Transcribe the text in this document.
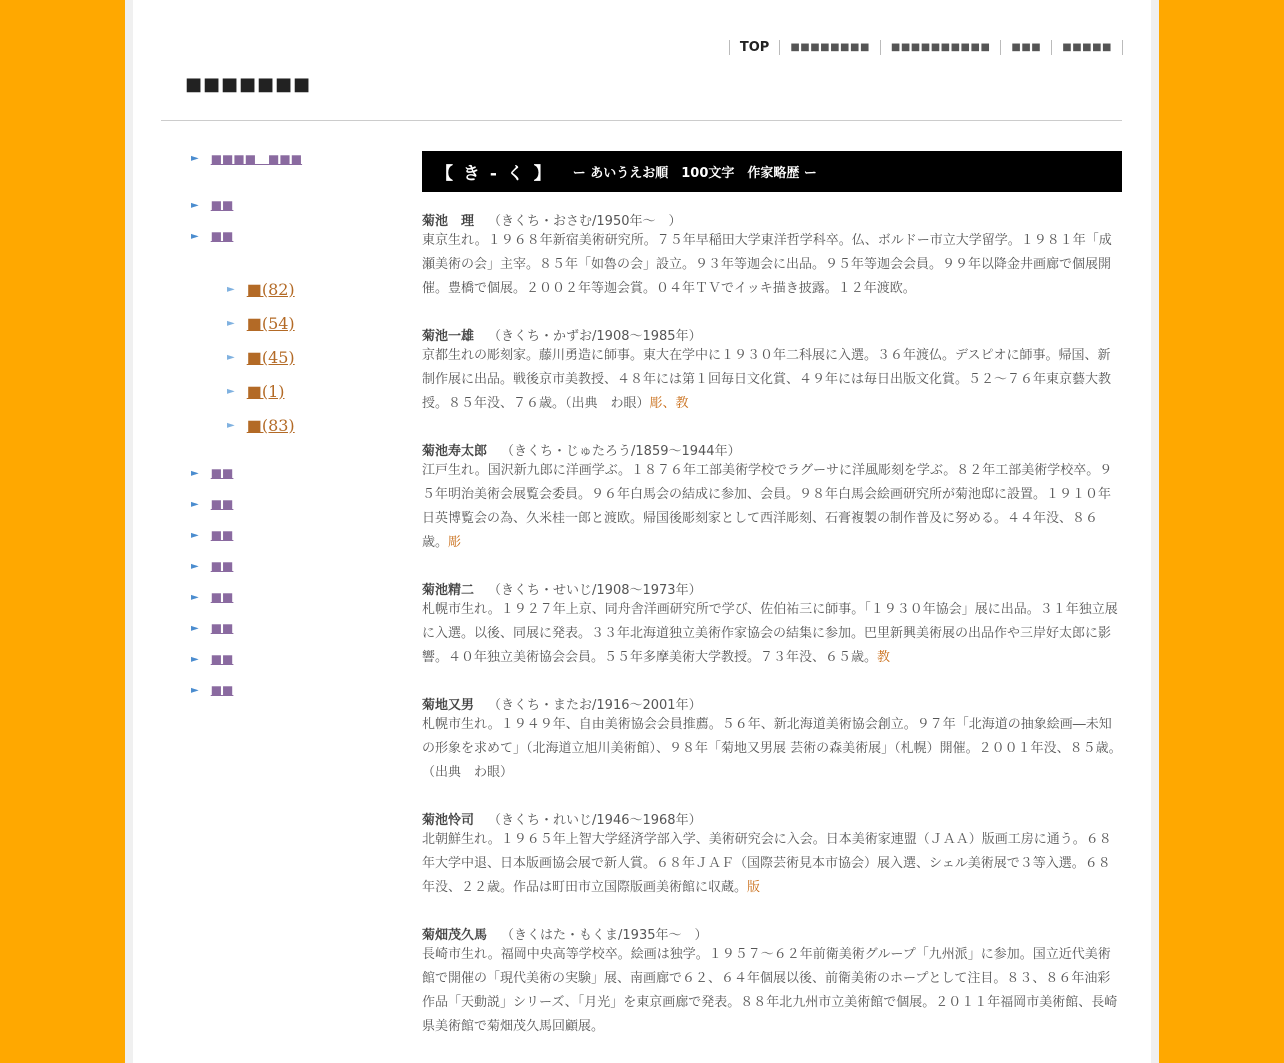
TOP	■■■■■■■■	■■■■■■■■■■	■■■	■■■■■
■■■■■■■
► ■■■■　■■■
► ■■
► ■■
► ■(82)
► ■(54)
► ■(45)
► ■(1)
► ■(83)
► ■■
► ■■
► ■■
► ■■
► ■■
► ■■
► ■■
► ■■
【 き - く 】 ー あいうえお順　100文字　作家略歴 ー
菊池　理 （きくち・おさむ/1950年～　）
東京生れ。１９６８年新宿美術研究所。７５年早稲田大学東洋哲学科卒。仏、ボルドー市立大学留学。１９８１年「成瀬美術の会」主宰。８５年「如魯の会」設立。９３年等迦会に出品。９５年等迦会会員。９９年以降金井画廊で個展開催。豊橋で個展。２００２年等迦会賞。０４年ＴＶでイッキ描き披露。１２年渡欧。
菊池一雄 （きくち・かずお/1908～1985年）
京都生れの彫刻家。藤川勇造に師事。東大在学中に１９３０年二科展に入選。３６年渡仏。デスピオに師事。帰国、新制作展に出品。戦後京市美教授、４８年には第１回毎日文化賞、４９年には毎日出版文化賞。５２～７６年東京藝大教授。８５年没、７６歳。（出典　わ眼）彫、教
菊池寿太郎 （きくち・じゅたろう/1859～1944年）
江戸生れ。国沢新九郎に洋画学ぶ。１８７６年工部美術学校でラグーサに洋風彫刻を学ぶ。８２年工部美術学校卒。９５年明治美術会展覧会委員。９６年白馬会の結成に参加、会員。９８年白馬会絵画研究所が菊池邸に設置。１９１０年日英博覧会の為、久米桂一郎と渡欧。帰国後彫刻家として西洋彫刻、石膏複製の制作普及に努める。４４年没、８６歳。彫
菊池精二 （きくち・せいじ/1908～1973年）
札幌市生れ。１９２７年上京、同舟舎洋画研究所で学び、佐伯祐三に師事。「１９３０年協会」展に出品。３１年独立展に入選。以後、同展に発表。３３年北海道独立美術作家協会の結集に参加。巴里新興美術展の出品作や三岸好太郎に影響。４０年独立美術協会会員。５５年多摩美術大学教授。７３年没、６５歳。教
菊地又男 （きくち・またお/1916～2001年）
札幌市生れ。１９４９年、自由美術協会会員推薦。５６年、新北海道美術協会創立。９７年「北海道の抽象絵画―未知の形象を求めて」（北海道立旭川美術館）、９８年「菊地又男展 芸術の森美術展」（札幌）開催。２００１年没、８５歳。（出典　わ眼）
菊池怜司 （きくち・れいじ/1946～1968年）
北朝鮮生れ。１９６５年上智大学経済学部入学、美術研究会に入会。日本美術家連盟（ＪＡＡ）版画工房に通う。６８年大学中退、日本版画協会展で新人賞。６８年ＪＡＦ（国際芸術見本市協会）展入選、シェル美術展で３等入選。６８年没、２２歳。作品は町田市立国際版画美術館に収蔵。版
菊畑茂久馬 （きくはた・もくま/1935年～　）
長崎市生れ。福岡中央高等学校卒。絵画は独学。１９５７～６２年前衛美術グループ「九州派」に参加。国立近代美術館で開催の「現代美術の実験」展、南画廊で６２、６４年個展以後、前衛美術のホープとして注目。８３、８６年油彩作品「天動説」シリーズ、「月光」を東京画廊で発表。８８年北九州市立美術館で個展。２０１１年福岡市美術館、長崎県美術館で菊畑茂久馬回顧展。
